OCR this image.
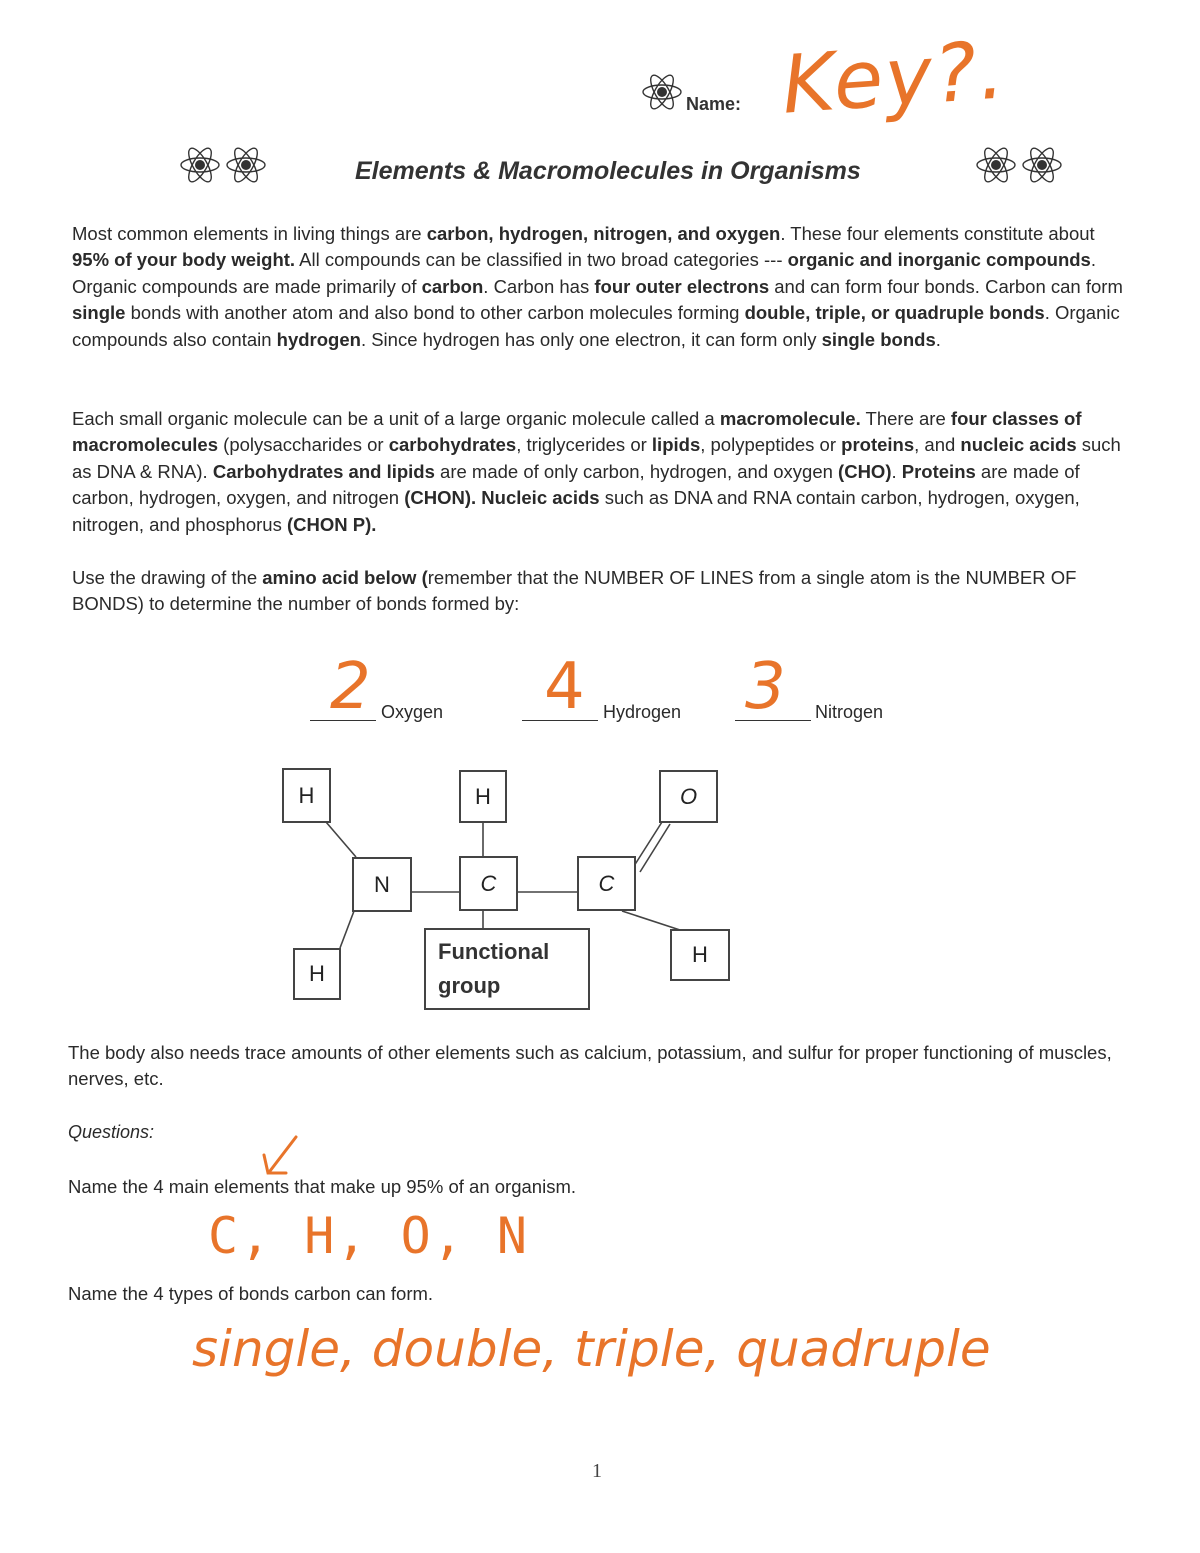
Name: Key?.
Elements & Macromolecules in Organisms
Most common elements in living things are carbon, hydrogen, nitrogen, and oxygen. These four elements constitute about 95% of your body weight. All compounds can be classified in two broad categories --- organic and inorganic compounds. Organic compounds are made primarily of carbon. Carbon has four outer electrons and can form four bonds. Carbon can form single bonds with another atom and also bond to other carbon molecules forming double, triple, or quadruple bonds. Organic compounds also contain hydrogen. Since hydrogen has only one electron, it can form only single bonds.
Each small organic molecule can be a unit of a large organic molecule called a macromolecule. There are four classes of macromolecules (polysaccharides or carbohydrates, triglycerides or lipids, polypeptides or proteins, and nucleic acids such as DNA & RNA). Carbohydrates and lipids are made of only carbon, hydrogen, and oxygen (CHO). Proteins are made of carbon, hydrogen, oxygen, and nitrogen (CHON). Nucleic acids such as DNA and RNA contain carbon, hydrogen, oxygen, nitrogen, and phosphorus (CHON P).
Use the drawing of the amino acid below (remember that the NUMBER OF LINES from a single atom is the NUMBER OF BONDS) to determine the number of bonds formed by:
2 Oxygen 4 Hydrogen 3 Nitrogen
H	H	O
N	C	C
H
H
Functional
group
The body also needs trace amounts of other elements such as calcium, potassium, and sulfur for proper functioning of muscles, nerves, etc.
Questions:
Name the 4 main elements that make up 95% of an organism.
C, H, O, N
Name the 4 types of bonds carbon can form.
single, double, triple, quadruple
1
